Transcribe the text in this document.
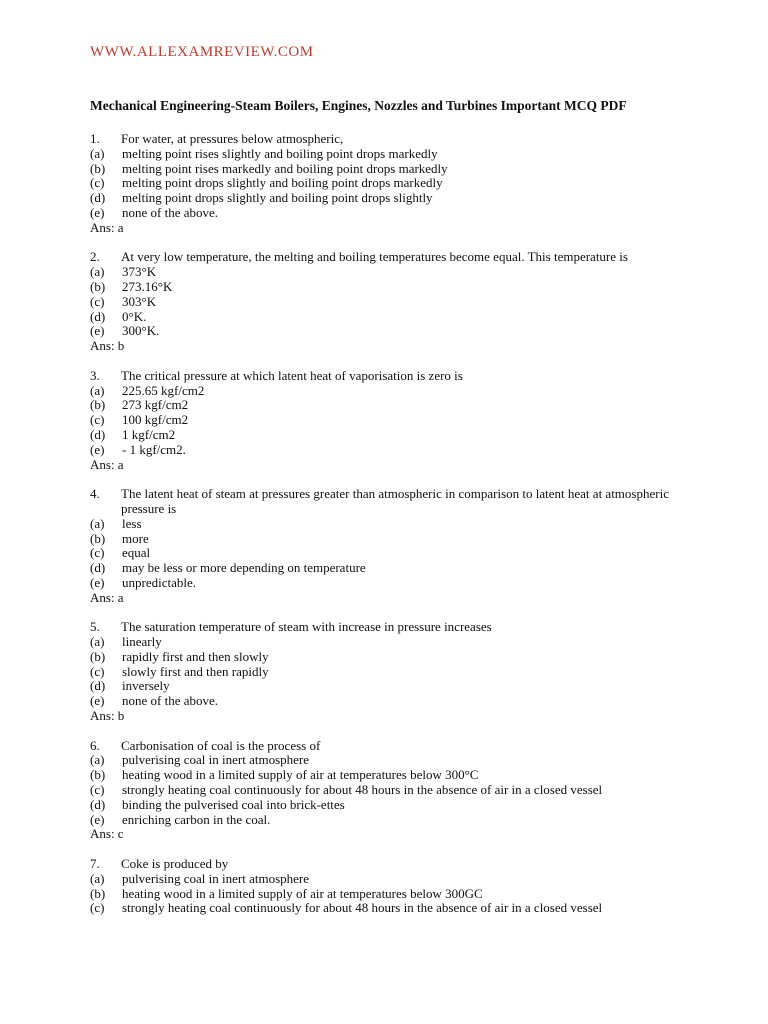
WWW.ALLEXAMREVIEW.COM
Mechanical Engineering-Steam Boilers, Engines, Nozzles and Turbines Important MCQ PDF
1.	For water, at pressures below atmospheric,
(a)	melting point rises slightly and boiling point drops markedly
(b)	melting point rises markedly and boiling point drops markedly
(c)	melting point drops slightly and boiling point drops markedly
(d)	melting point drops slightly and boiling point drops slightly
(e)	none of the above.
Ans: a
2.	At very low temperature, the melting and boiling temperatures become equal. This temperature is
(a)	373°K
(b)	273.16°K
(c)	303°K
(d)	0°K.
(e)	300°K.
Ans: b
3.	The critical pressure at which latent heat of vaporisation is zero is
(a)	225.65 kgf/cm2
(b)	273 kgf/cm2
(c)	100 kgf/cm2
(d)	1 kgf/cm2
(e)	- 1 kgf/cm2.
Ans: a
4.	The latent heat of steam at pressures greater than atmospheric in comparison to latent heat at atmospheric pressure is
(a)	less
(b)	more
(c)	equal
(d)	may be less or more depending on temperature
(e)	unpredictable.
Ans: a
5.	The saturation temperature of steam with increase in pressure increases
(a)	linearly
(b)	rapidly first and then slowly
(c)	slowly first and then rapidly
(d)	inversely
(e)	none of the above.
Ans: b
6.	Carbonisation of coal is the process of
(a)	pulverising coal in inert atmosphere
(b)	heating wood in a limited supply of air at temperatures below 300°C
(c)	strongly heating coal continuously for about 48 hours in the absence of air in a closed vessel
(d)	binding the pulverised coal into brick-ettes
(e)	enriching carbon in the coal.
Ans: c
7.	Coke is produced by
(a)	pulverising coal in inert atmosphere
(b)	heating wood in a limited supply of air at temperatures below 300GC
(c)	strongly heating coal continuously for about 48 hours in the absence of air in a closed vessel
